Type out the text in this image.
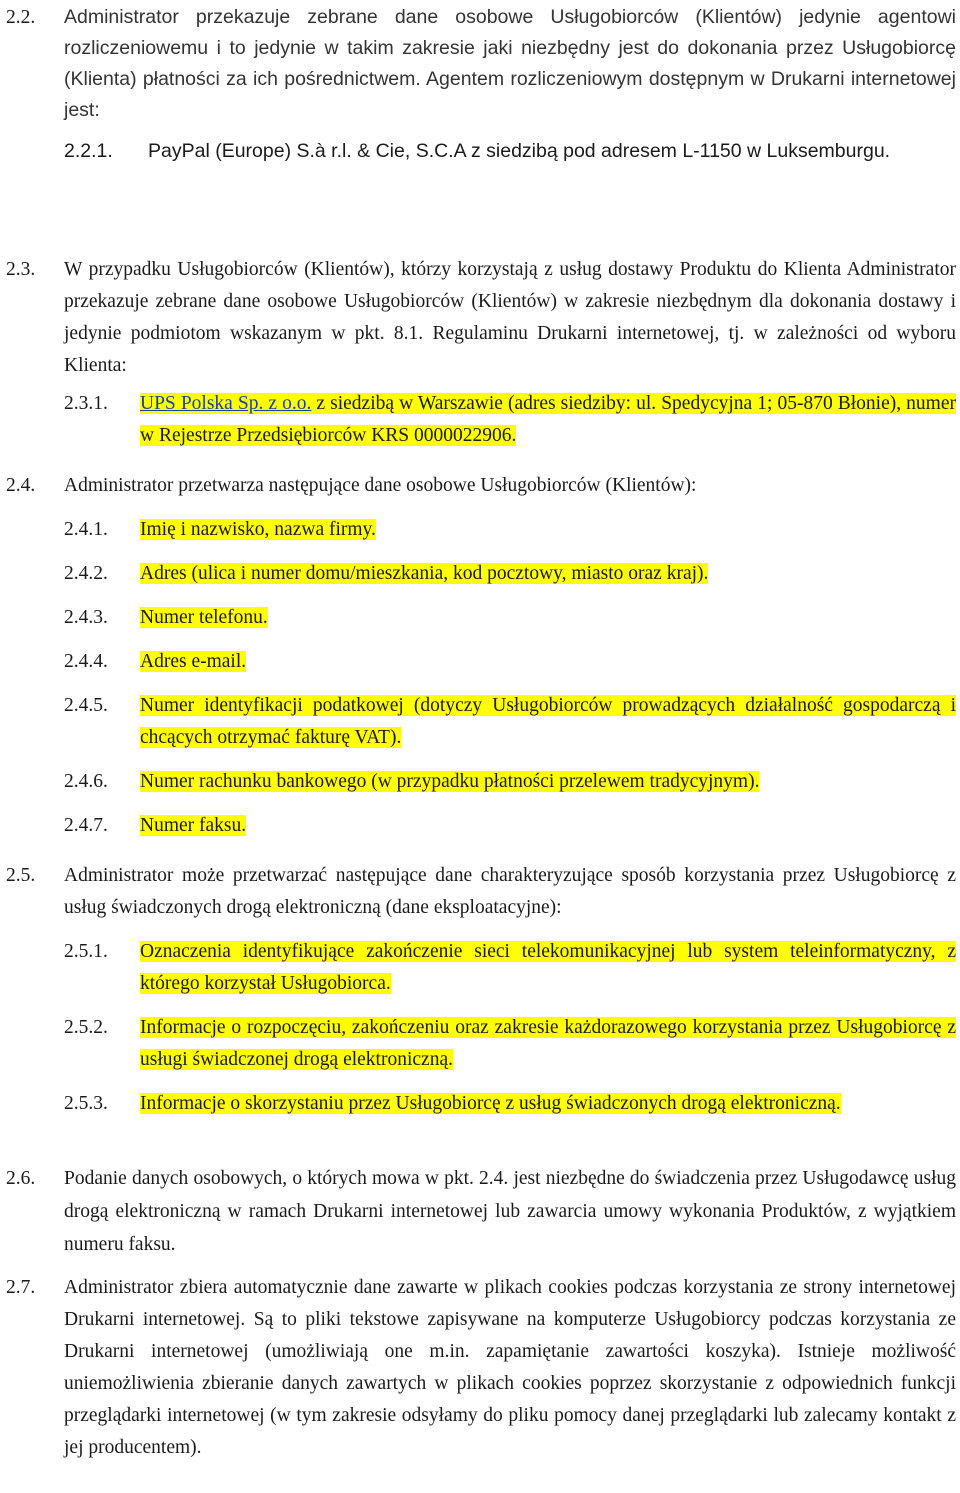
2.2. Administrator przekazuje zebrane dane osobowe Usługobiorców (Klientów) jedynie agentowi rozliczeniowemu i to jedynie w takim zakresie jaki niezbędny jest do dokonania przez Usługobiorcę (Klienta) płatności za ich pośrednictwem. Agentem rozliczeniowym dostępnym w Drukarni internetowej jest:

2.2.1. PayPal (Europe) S.à r.l. & Cie, S.C.A z siedzibą pod adresem L-1150 w Luksemburgu.

2.3. W przypadku Usługobiorców (Klientów), którzy korzystają z usług dostawy Produktu do Klienta Administrator przekazuje zebrane dane osobowe Usługobiorców (Klientów) w zakresie niezbędnym dla dokonania dostawy i jedynie podmiotom wskazanym w pkt. 8.1. Regulaminu Drukarni internetowej, tj. w zależności od wyboru Klienta:

2.3.1. UPS Polska Sp. z o.o. z siedzibą w Warszawie (adres siedziby: ul. Spedycyjna 1; 05-870 Błonie), numer w Rejestrze Przedsiębiorców KRS 0000022906.

2.4. Administrator przetwarza następujące dane osobowe Usługobiorców (Klientów):

2.4.1. Imię i nazwisko, nazwa firmy.

2.4.2. Adres (ulica i numer domu/mieszkania, kod pocztowy, miasto oraz kraj).

2.4.3. Numer telefonu.

2.4.4. Adres e-mail.

2.4.5. Numer identyfikacji podatkowej (dotyczy Usługobiorców prowadzących działalność gospodarczą i chcących otrzymać fakturę VAT).

2.4.6. Numer rachunku bankowego (w przypadku płatności przelewem tradycyjnym).

2.4.7. Numer faksu.

2.5. Administrator może przetwarzać następujące dane charakteryzujące sposób korzystania przez Usługobiorcę z usług świadczonych drogą elektroniczną (dane eksploatacyjne):

2.5.1. Oznaczenia identyfikujące zakończenie sieci telekomunikacyjnej lub system teleinformatyczny, z którego korzystał Usługobiorca.

2.5.2. Informacje o rozpoczęciu, zakończeniu oraz zakresie każdorazowego korzystania przez Usługobiorcę z usługi świadczonej drogą elektroniczną.

2.5.3. Informacje o skorzystaniu przez Usługobiorcę z usług świadczonych drogą elektroniczną.

2.6. Podanie danych osobowych, o których mowa w pkt. 2.4. jest niezbędne do świadczenia przez Usługodawcę usług drogą elektroniczną w ramach Drukarni internetowej lub zawarcia umowy wykonania Produktów, z wyjątkiem numeru faksu.

2.7. Administrator zbiera automatycznie dane zawarte w plikach cookies podczas korzystania ze strony internetowej Drukarni internetowej. Są to pliki tekstowe zapisywane na komputerze Usługobiorcy podczas korzystania ze Drukarni internetowej (umożliwiają one m.in. zapamiętanie zawartości koszyka). Istnieje możliwość uniemożliwienia zbieranie danych zawartych w plikach cookies poprzez skorzystanie z odpowiednich funkcji przeglądarki internetowej (w tym zakresie odsyłamy do pliku pomocy danej przeglądarki lub zalecamy kontakt z jej producentem).
